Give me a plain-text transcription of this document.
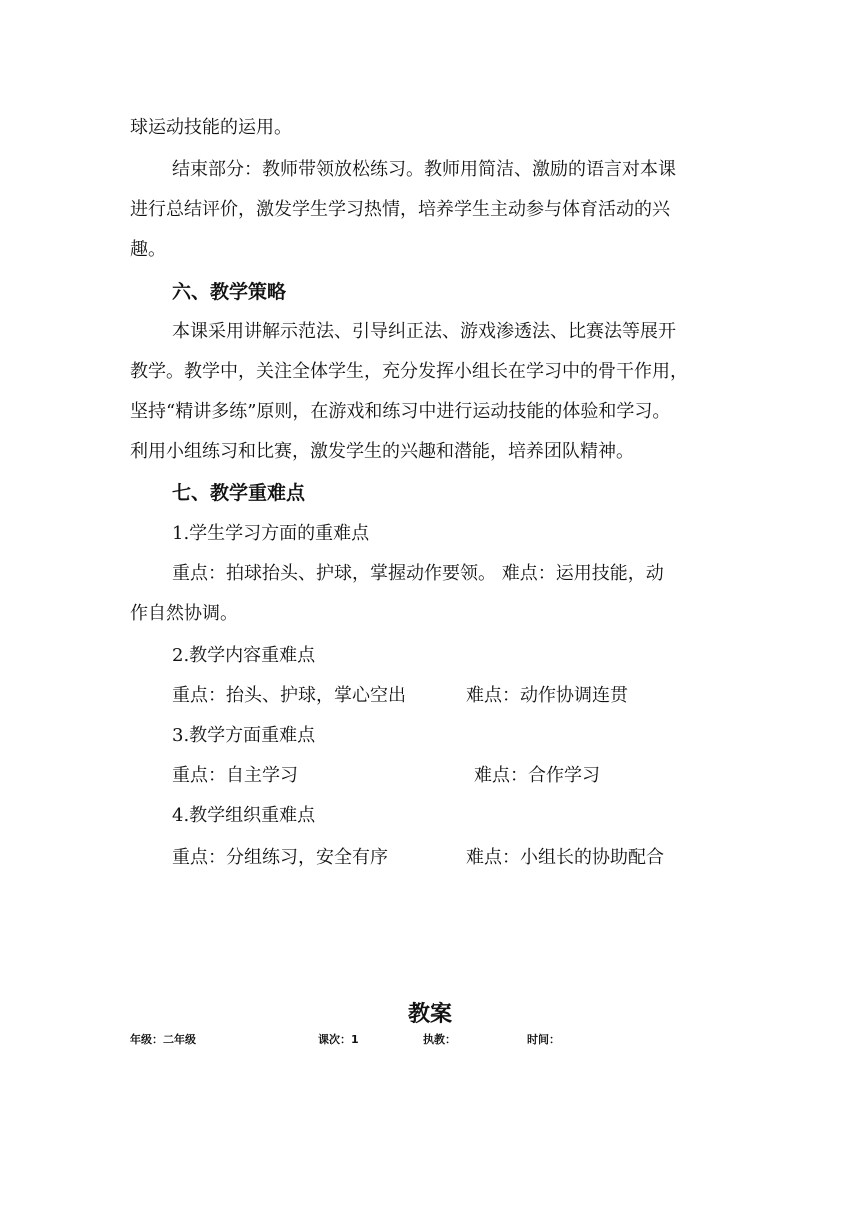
球运动技能的运用。
结束部分：教师带领放松练习。教师用简洁、激励的语言对本课
进行总结评价，激发学生学习热情，培养学生主动参与体育活动的兴
趣。
六、教学策略
本课采用讲解示范法、引导纠正法、游戏渗透法、比赛法等展开
教学。教学中，关注全体学生，充分发挥小组长在学习中的骨干作用，
坚持“精讲多练”原则，在游戏和练习中进行运动技能的体验和学习。
利用小组练习和比赛，激发学生的兴趣和潜能，培养团队精神。
七、教学重难点
1.学生学习方面的重难点
重点：拍球抬头、护球，掌握动作要领。 难点：运用技能，动
作自然协调。
2.教学内容重难点
重点：抬头、护球，掌心空出	难点：动作协调连贯
3.教学方面重难点
重点：自主学习	难点：合作学习
4.教学组织重难点
重点：分组练习，安全有序	难点：小组长的协助配合
教案
年级：二年级	课次：1	执教：	时间：
